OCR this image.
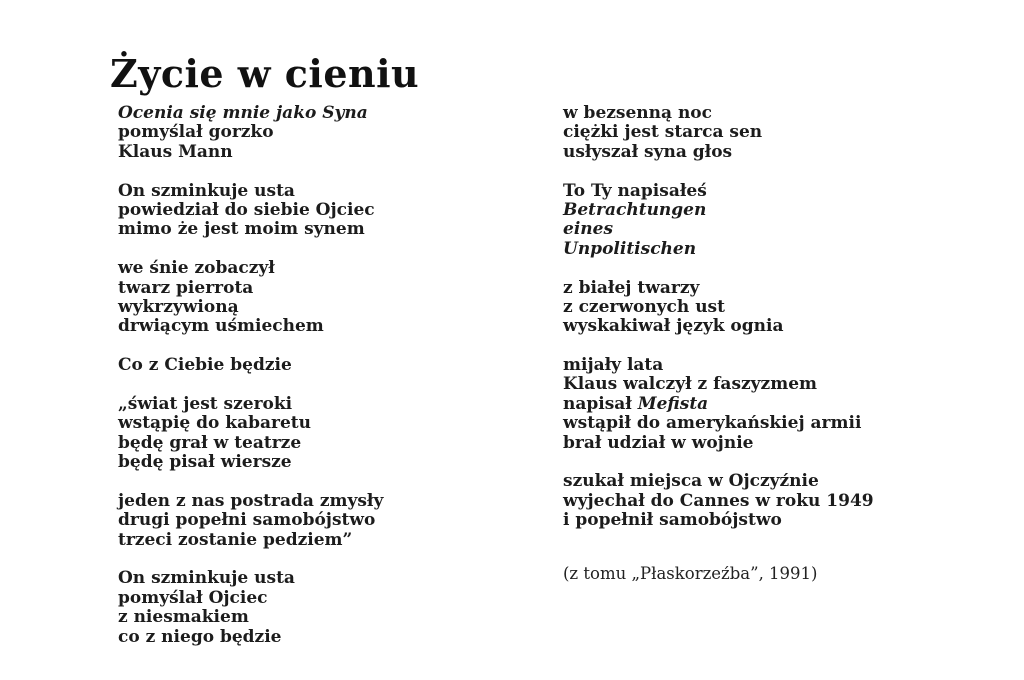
Życie w cieniu
Ocenia się mnie jako Syna
pomyślał gorzko
Klaus Mann
On szminkuje usta
powiedział do siebie Ojciec
mimo że jest moim synem
we śnie zobaczył
twarz pierrota
wykrzywioną
drwiącym uśmiechem
Co z Ciebie będzie
„świat jest szeroki
wstąpię do kabaretu
będę grał w teatrze
będę pisał wiersze
jeden z nas postrada zmysły
drugi popełni samobójstwo
trzeci zostanie pedziem”
On szminkuje usta
pomyślał Ojciec
z niesmakiem
co z niego będzie
w bezsenną noc
ciężki jest starca sen
usłyszał syna głos
To Ty napisałeś
Betrachtungen
eines
Unpolitischen
z białej twarzy
z czerwonych ust
wyskakiwał język ognia
mijały lata
Klaus walczył z faszyzmem
napisał Mefista
wstąpił do amerykańskiej armii
brał udział w wojnie
szukał miejsca w Ojczyźnie
wyjechał do Cannes w roku 1949
i popełnił samobójstwo
(z tomu „Płaskorzeźba”, 1991)
